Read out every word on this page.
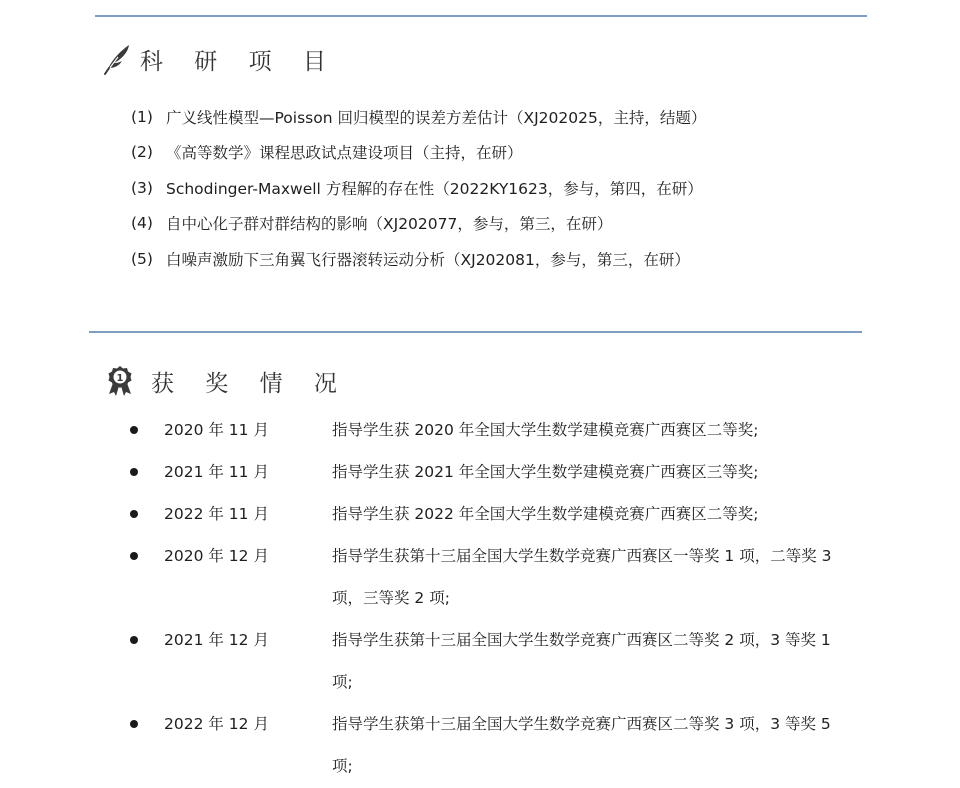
科 研 项 目
(1) 广义线性模型—Poisson 回归模型的误差方差估计（XJ202025，主持，结题）
(2) 《高等数学》课程思政试点建设项目（主持，在研）
(3) Schodinger-Maxwell 方程解的存在性（2022KY1623，参与，第四，在研）
(4) 自中心化子群对群结构的影响（XJ202077，参与，第三，在研）
(5) 白噪声激励下三角翼飞行器滚转运动分析（XJ202081，参与，第三，在研）
1 获 奖 情 况
2020 年 11 月	指导学生获 2020 年全国大学生数学建模竞赛广西赛区二等奖;
2021 年 11 月	指导学生获 2021 年全国大学生数学建模竞赛广西赛区三等奖;
2022 年 11 月	指导学生获 2022 年全国大学生数学建模竞赛广西赛区二等奖;
2020 年 12 月	指导学生获第十三届全国大学生数学竞赛广西赛区一等奖 1 项，二等奖 3 项，三等奖 2 项;
2021 年 12 月	指导学生获第十三届全国大学生数学竞赛广西赛区二等奖 2 项，3 等奖 1 项;
2022 年 12 月	指导学生获第十三届全国大学生数学竞赛广西赛区二等奖 3 项，3 等奖 5 项;
